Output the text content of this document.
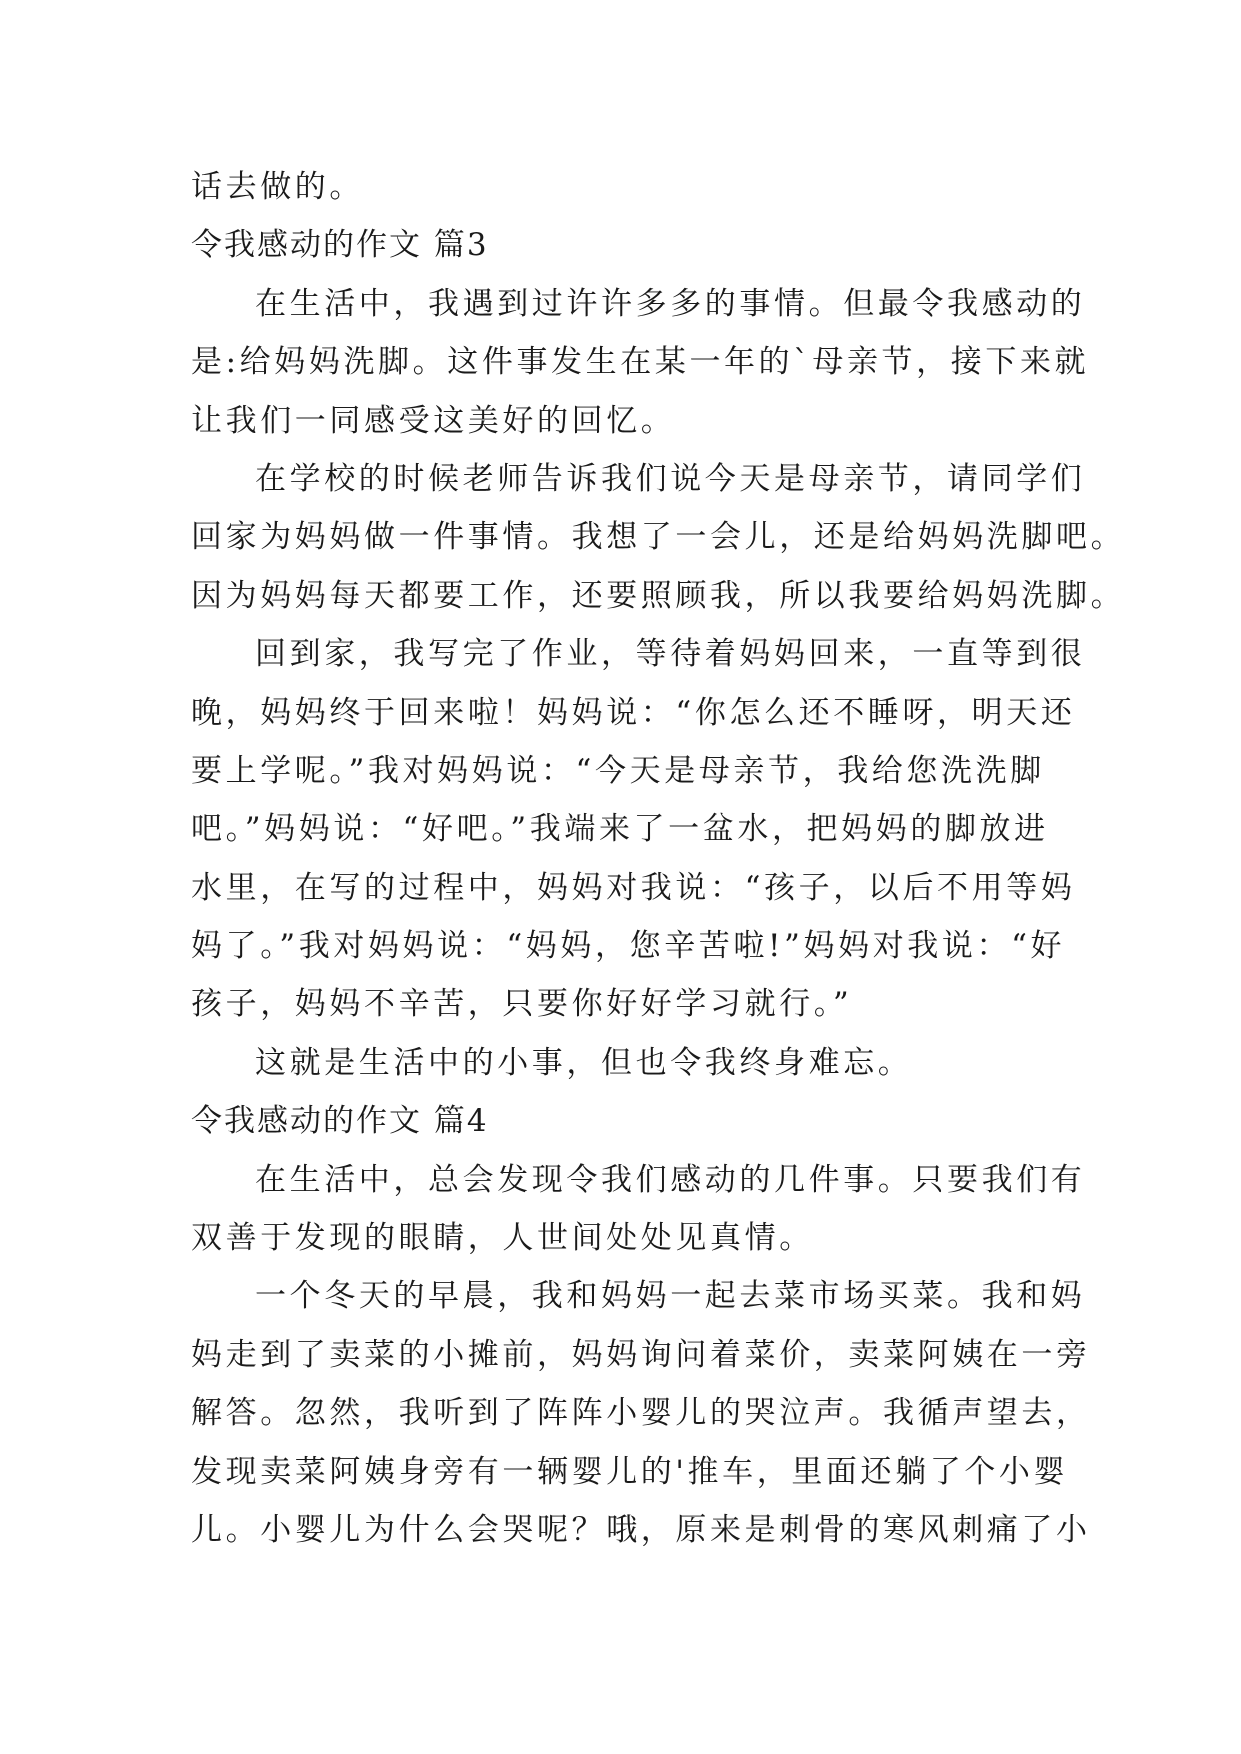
话去做的。
令我感动的作文 篇3
在生活中，我遇到过许许多多的事情。但最令我感动的
是:给妈妈洗脚。这件事发生在某一年的`母亲节，接下来就
让我们一同感受这美好的回忆。
在学校的时候老师告诉我们说今天是母亲节，请同学们
回家为妈妈做一件事情。我想了一会儿，还是给妈妈洗脚吧。
因为妈妈每天都要工作，还要照顾我，所以我要给妈妈洗脚。
回到家，我写完了作业，等待着妈妈回来，一直等到很
晚，妈妈终于回来啦！妈妈说：“你怎么还不睡呀，明天还
要上学呢。”我对妈妈说：“今天是母亲节，我给您洗洗脚
吧。”妈妈说：“好吧。”我端来了一盆水，把妈妈的脚放进
水里，在写的过程中，妈妈对我说：“孩子，以后不用等妈
妈了。”我对妈妈说：“妈妈，您辛苦啦!”妈妈对我说：“好
孩子，妈妈不辛苦，只要你好好学习就行。”
这就是生活中的小事，但也令我终身难忘。
令我感动的作文 篇4
在生活中，总会发现令我们感动的几件事。只要我们有
双善于发现的眼睛，人世间处处见真情。
一个冬天的早晨，我和妈妈一起去菜市场买菜。我和妈
妈走到了卖菜的小摊前，妈妈询问着菜价，卖菜阿姨在一旁
解答。忽然，我听到了阵阵小婴儿的哭泣声。我循声望去，
发现卖菜阿姨身旁有一辆婴儿的'推车，里面还躺了个小婴
儿。小婴儿为什么会哭呢？哦，原来是刺骨的寒风刺痛了小
